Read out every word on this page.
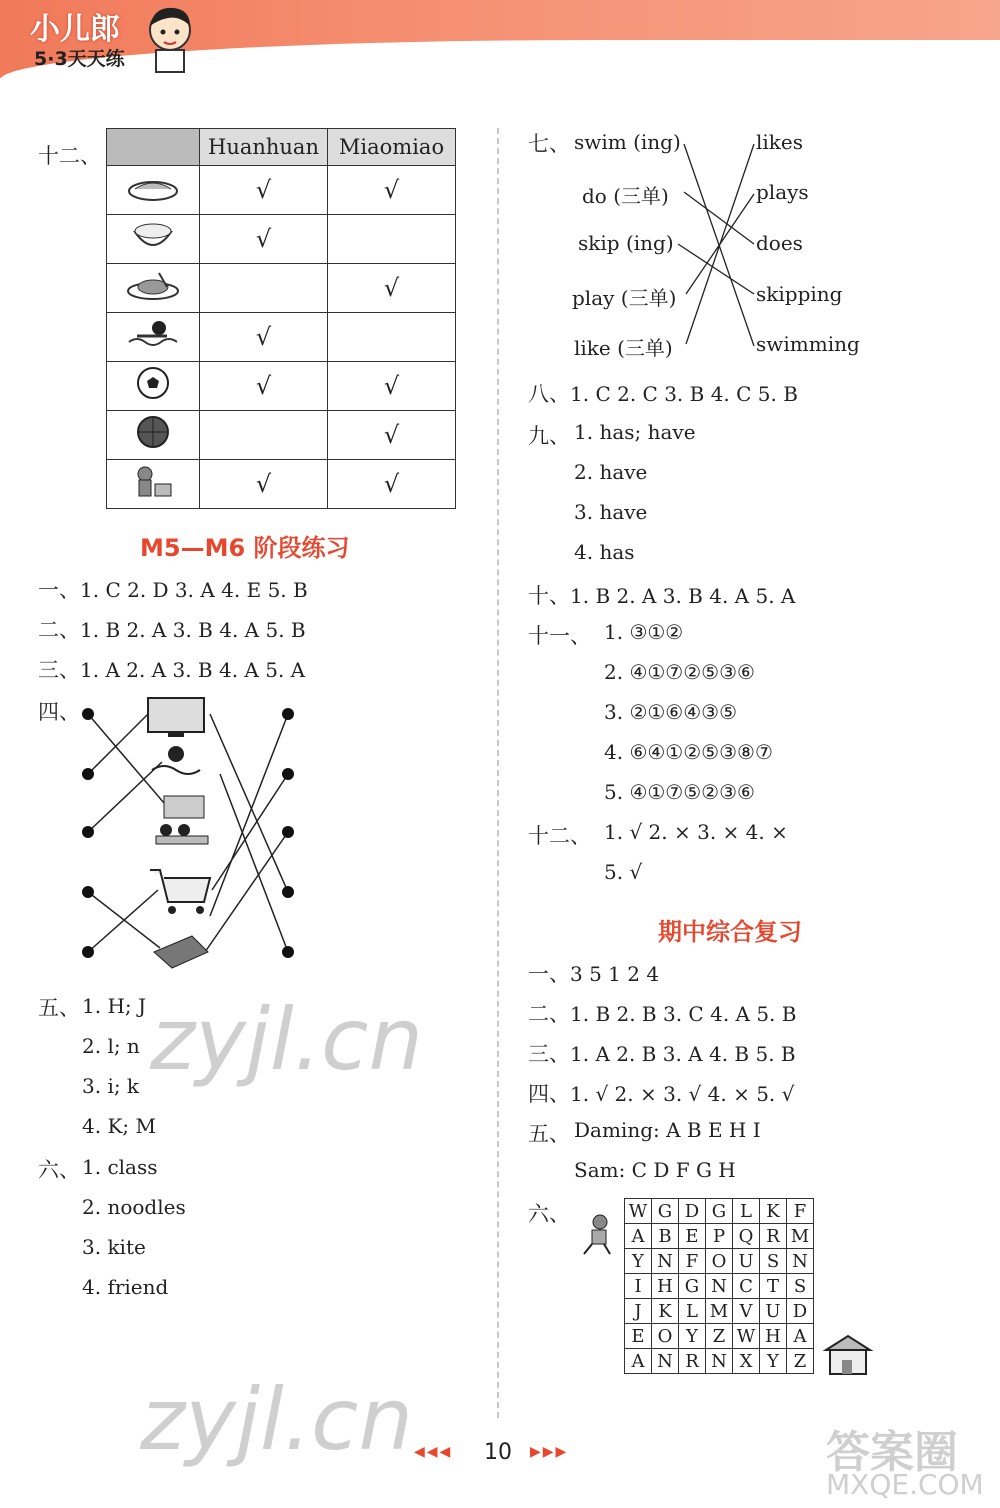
小儿郎
5·3天天练
十二、
		Huanhuan	Miaomiao
	√	√
	√	
		√
	√	
	√	√
		√
	√	√
M5—M6 阶段练习
一、1. C 2. D 3. A 4. E 5. B
二、1. B 2. A 3. B 4. A 5. B
三、1. A 2. A 3. B 4. A 5. A
四、
五、 1. H; J
2. l; n
3. i; k
4. K; M
六、 1. class
2. noodles
3. kite
4. friend
七、 swim (ing)
do (三单)
skip (ing)
play (三单)
like (三单)
likes
plays
does
skipping
swimming
八、1. C 2. C 3. B 4. C 5. B
九、 1. has; have
2. have
3. have
4. has
十、1. B 2. A 3. B 4. A 5. A
十一、 1. ③①②
2. ④①⑦②⑤③⑥
3. ②①⑥④③⑤
4. ⑥④①②⑤③⑧⑦
5. ④①⑦⑤②③⑥
十二、 1. √ 2. × 3. × 4. ×
5. √
期中综合复习
一、3 5 1 2 4
二、1. B 2. B 3. C 4. A 5. B
三、1. A 2. B 3. A 4. B 5. B
四、1. √ 2. × 3. √ 4. × 5. √
五、 Daming: A B E H I
Sam: C D F G H
六、	W	G	D	G	L	K	F
A	B	E	P	Q	R	M
Y	N	F	O	U	S	N
I	H	G	N	C	T	S
J	K	L	M	V	U	D
E	O	Y	Z	W	H	A
A	N	R	N	X	Y	Z
◀◀◀ 10 ▶▶▶
zyjl.cn
zyjl.cn	答案圈
MXQE.COM
